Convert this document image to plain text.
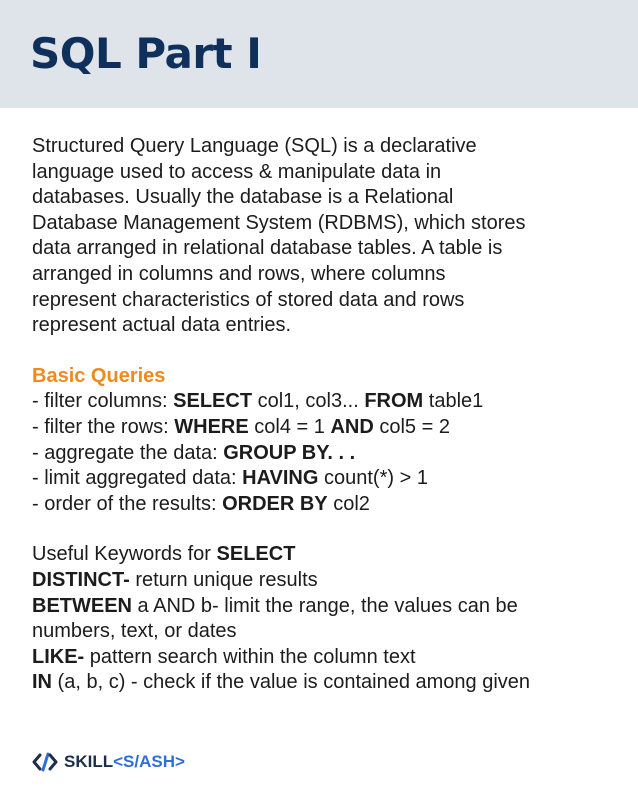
SQL Part I
Structured Query Language (SQL) is a declarative
language used to access & manipulate data in
databases. Usually the database is a Relational
Database Management System (RDBMS), which stores
data arranged in relational database tables. A table is
arranged in columns and rows, where columns
represent characteristics of stored data and rows
represent actual data entries.
Basic Queries
- filter columns: SELECT col1, col3... FROM table1
- filter the rows: WHERE col4 = 1 AND col5 = 2
- aggregate the data: GROUP BY. . .
- limit aggregated data: HAVING count(*) > 1
- order of the results: ORDER BY col2
Useful Keywords for SELECT
DISTINCT- return unique results
BETWEEN a AND b- limit the range, the values can be
numbers, text, or dates
LIKE- pattern search within the column text
IN (a, b, c) - check if the value is contained among given
SKILL <S/ASH>
